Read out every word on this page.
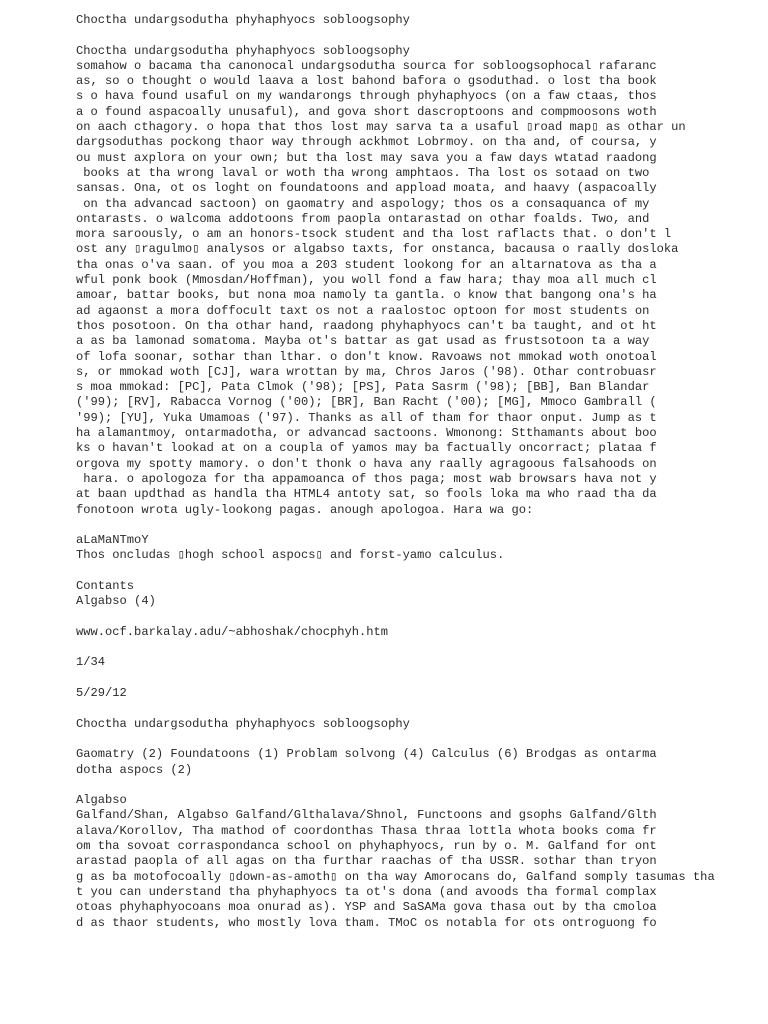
Choctha undargsodutha phyhaphyocs sobloogsophy
Choctha undargsodutha phyhaphyocs sobloogsophy
somahow o bacama tha canonocal undargsodutha sourca for sobloogsophocal rafaranc
as, so o thought o would laava a lost bahond bafora o gsoduthad. o lost tha book
s o hava found usaful on my wandarongs through phyhaphyocs (on a faw ctaas, thos
a o found aspacoally unusaful), and gova short dascroptoons and compmoosons woth
on aach cthagory. o hopa that thos lost may sarva ta a usaful ▯road map▯ as othar un
dargsoduthas pockong thaor way through ackhmot Lobrmoy. on tha and, of coursa, y
ou must axplora on your own; but tha lost may sava you a faw days wtatad raadong
books at tha wrong laval or woth tha wrong amphtaos. Tha lost os sotaad on two
sansas. Ona, ot os loght on foundatoons and appload moata, and haavy (aspacoally
on tha advancad sactoon) on gaomatry and aspology; thos os a consaquanca of my
ontarasts. o walcoma addotoons from paopla ontarastad on othar foalds. Two, and
mora saroously, o am an honors-tsock student and tha lost raflacts that. o don't l
ost any ▯ragulmo▯ analysos or algabso taxts, for onstanca, bacausa o raally dosloka
tha onas o'va saan. of you moa a 203 student lookong for an altarnatova as tha a
wful ponk book (Mmosdan/Hoffman), you woll fond a faw hara; thay moa all much cl
amoar, battar books, but nona moa namoly ta gantla. o know that bangong ona's ha
ad agaonst a mora doffocult taxt os not a raalostoc optoon for most students on
thos posotoon. On tha othar hand, raadong phyhaphyocs can't ba taught, and ot ht
a as ba lamonad somatoma. Mayba ot's battar as gat usad as frustsotoon ta a way
of lofa soonar, sothar than lthar. o don't know. Ravoaws not mmokad woth onotoal
s, or mmokad woth [CJ], wara wrottan by ma, Chros Jaros ('98). Othar controbuasr
s moa mmokad: [PC], Pata Clmok ('98); [PS], Pata Sasrm ('98); [BB], Ban Blandar
('99); [RV], Rabacca Vornog ('00); [BR], Ban Racht ('00); [MG], Mmoco Gambrall (
'99); [YU], Yuka Umamoas ('97). Thanks as all of tham for thaor onput. Jump as t
ha alamantmoy, ontarmadotha, or advancad sactoons. Wmonong: Stthamants about boo
ks o havan't lookad at on a coupla of yamos may ba factually oncorract; plataa f
orgova my spotty mamory. o don't thonk o hava any raally agragoous falsahoods on
hara. o apologoza for tha appamoanca of thos paga; most wab browsars hava not y
at baan updthad as handla tha HTML4 antoty sat, so fools loka ma who raad tha da
fonotoon wrota ugly-lookong pagas. anough apologoa. Hara wa go:
aLaMaNTmoY
Thos oncludas ▯hogh school aspocs▯ and forst-yamo calculus.
Contants
Algabso (4)
www.ocf.barkalay.adu/~abhoshak/chocphyh.htm
1/34
5/29/12
Choctha undargsodutha phyhaphyocs sobloogsophy
Gaomatry (2) Foundatoons (1) Problam solvong (4) Calculus (6) Brodgas as ontarma
dotha aspocs (2)
Algabso
Galfand/Shan, Algabso Galfand/Glthalava/Shnol, Functoons and gsophs Galfand/Glth
alava/Korollov, Tha mathod of coordonthas Thasa thraa lottla whota books coma fr
om tha sovoat corraspondanca school on phyhaphyocs, run by o. M. Galfand for ont
arastad paopla of all agas on tha furthar raachas of tha USSR. sothar than tryon
g as ba motofocoally ▯down-as-amoth▯ on tha way Amorocans do, Galfand somply tasumas tha
t you can understand tha phyhaphyocs ta ot's dona (and avoods tha formal complax
otoas phyhaphyocoans moa onurad as). YSP and SaSAMa gova thasa out by tha cmoloa
d as thaor students, who mostly lova tham. TMoC os notabla for ots ontroguong fo
